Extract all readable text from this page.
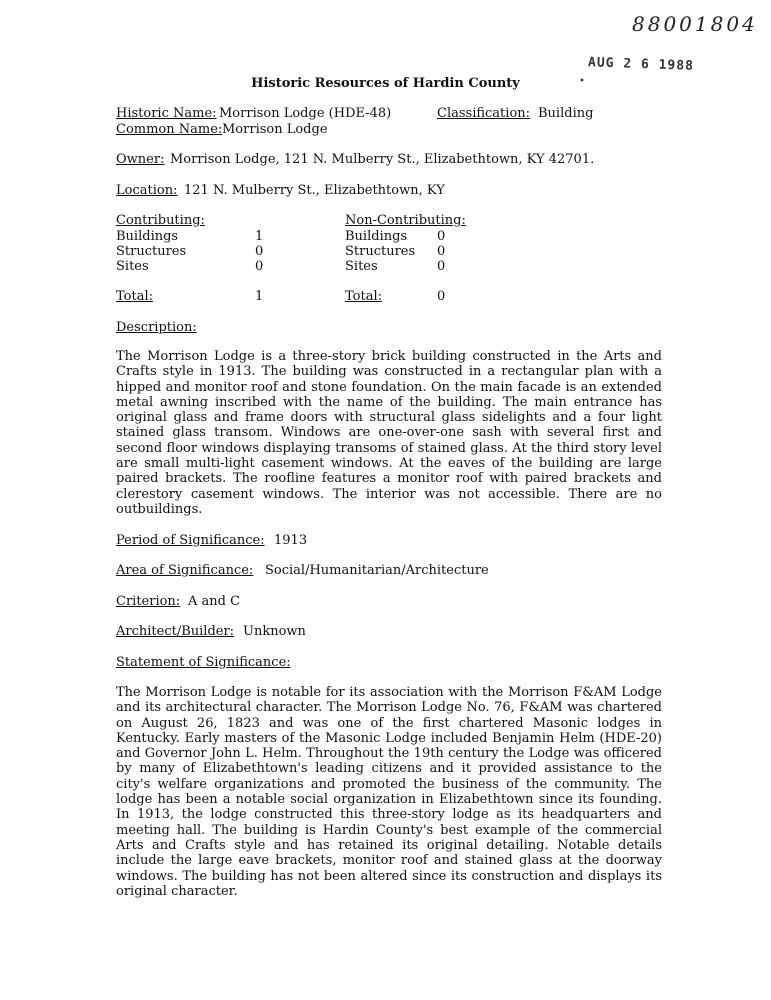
88001804
AUG 2 6 1988
•
Historic Resources of Hardin County
Historic Name: Morrison Lodge (HDE-48)	Classification: Building
Common Name: Morrison Lodge
Owner: Morrison Lodge, 121 N. Mulberry St., Elizabethtown, KY 42701.
Location: 121 N. Mulberry St., Elizabethtown, KY
Contributing:
Buildings	1
Structures	0
Sites	0
Total:	1
Non-Contributing:
Buildings 0
Structures 0
Sites	0
Total:	0
Description:
The Morrison Lodge is a three-story brick building constructed in the Arts and Crafts style in 1913. The building was constructed in a rectangular plan with a hipped and monitor roof and stone foundation. On the main facade is an extended metal awning inscribed with the name of the building. The main entrance has original glass and frame doors with structural glass sidelights and a four light stained glass transom. Windows are one-over-one sash with several first and second floor windows displaying transoms of stained glass. At the third story level are small multi-light casement windows. At the eaves of the building are large paired brackets. The roofline features a monitor roof with paired brackets and clerestory casement windows. The interior was not accessible. There are no outbuildings.
Period of Significance: 1913
Area of Significance: Social/Humanitarian/Architecture
Criterion: A and C
Architect/Builder: Unknown
Statement of Significance:
The Morrison Lodge is notable for its association with the Morrison F&AM Lodge and its architectural character. The Morrison Lodge No. 76, F&AM was chartered on August 26, 1823 and was one of the first chartered Masonic lodges in Kentucky. Early masters of the Masonic Lodge included Benjamin Helm (HDE-20) and Governor John L. Helm. Throughout the 19th century the Lodge was officered by many of Elizabethtown's leading citizens and it provided assistance to the city's welfare organizations and promoted the business of the community. The lodge has been a notable social organization in Elizabethtown since its founding. In 1913, the lodge constructed this three-story lodge as its headquarters and meeting hall. The building is Hardin County's best example of the commercial Arts and Crafts style and has retained its original detailing. Notable details include the large eave brackets, monitor roof and stained glass at the doorway windows. The building has not been altered since its construction and displays its original character.
